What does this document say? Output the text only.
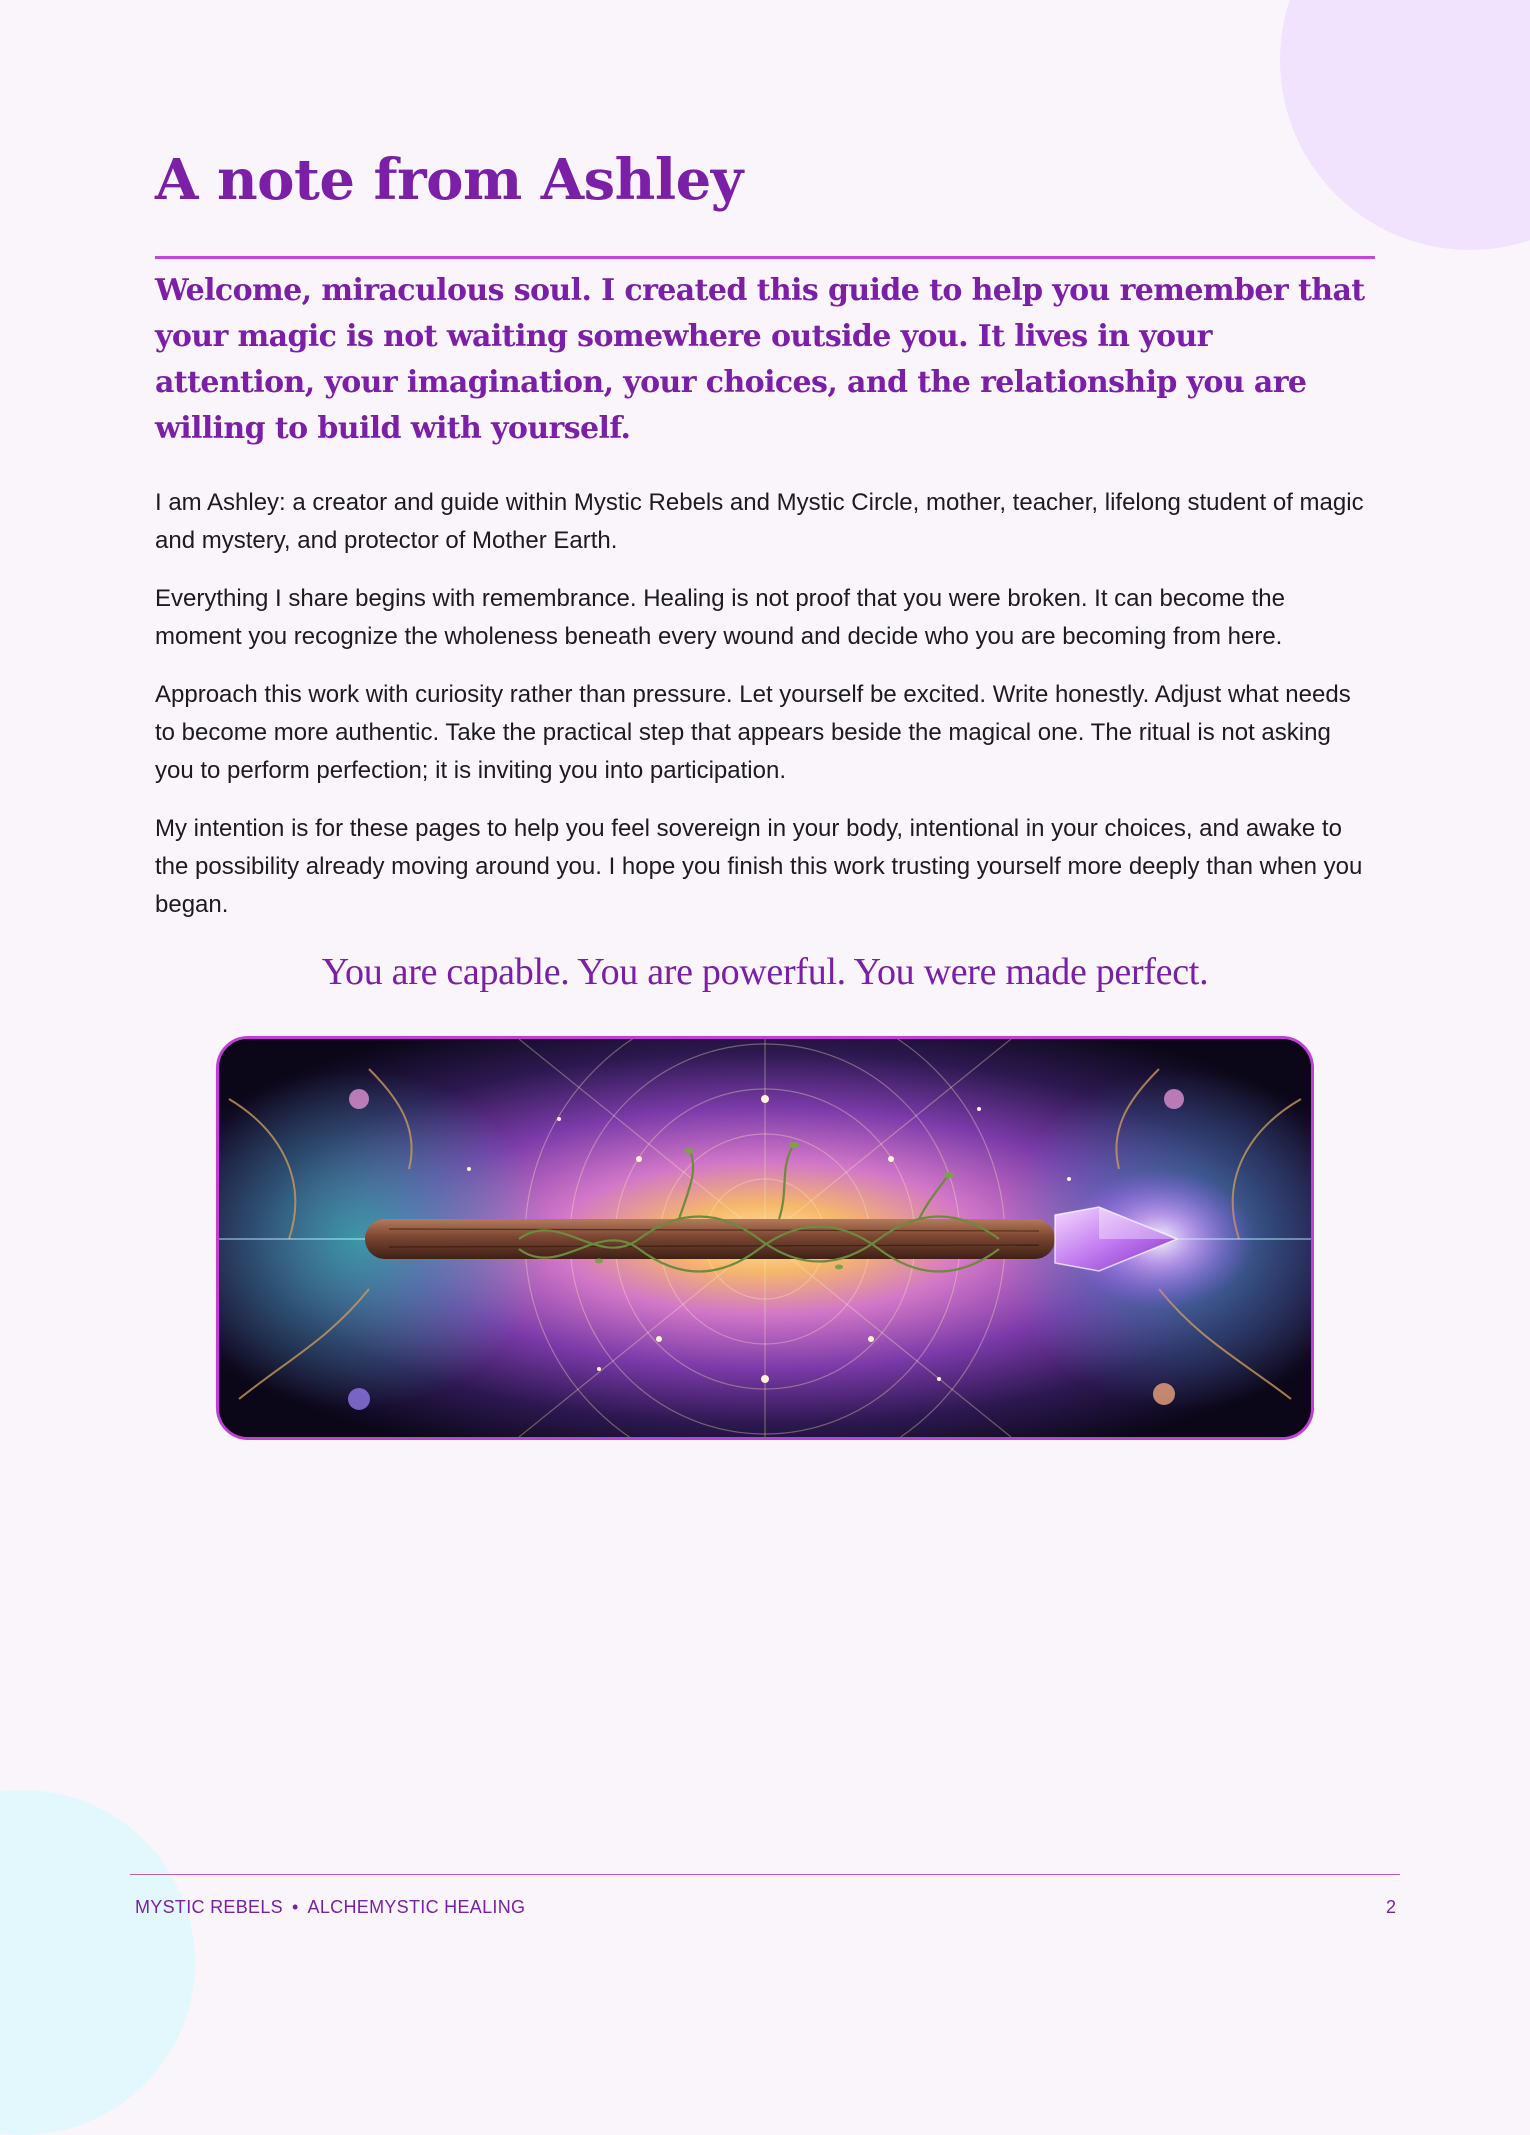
A note from Ashley

Welcome, miraculous soul. I created this guide to help you remember that your magic is not waiting somewhere outside you. It lives in your attention, your imagination, your choices, and the relationship you are willing to build with yourself.

I am Ashley: a creator and guide within Mystic Rebels and Mystic Circle, mother, teacher, lifelong student of magic and mystery, and protector of Mother Earth.

Everything I share begins with remembrance. Healing is not proof that you were broken. It can become the moment you recognize the wholeness beneath every wound and decide who you are becoming from here.

Approach this work with curiosity rather than pressure. Let yourself be excited. Write honestly. Adjust what needs to become more authentic. Take the practical step that appears beside the magical one. The ritual is not asking you to perform perfection; it is inviting you into participation.

My intention is for these pages to help you feel sovereign in your body, intentional in your choices, and awake to the possibility already moving around you. I hope you finish this work trusting yourself more deeply than when you began.

You are capable. You are powerful. You were made perfect.

MYSTIC REBELS • ALCHEMYSTIC HEALING	2
